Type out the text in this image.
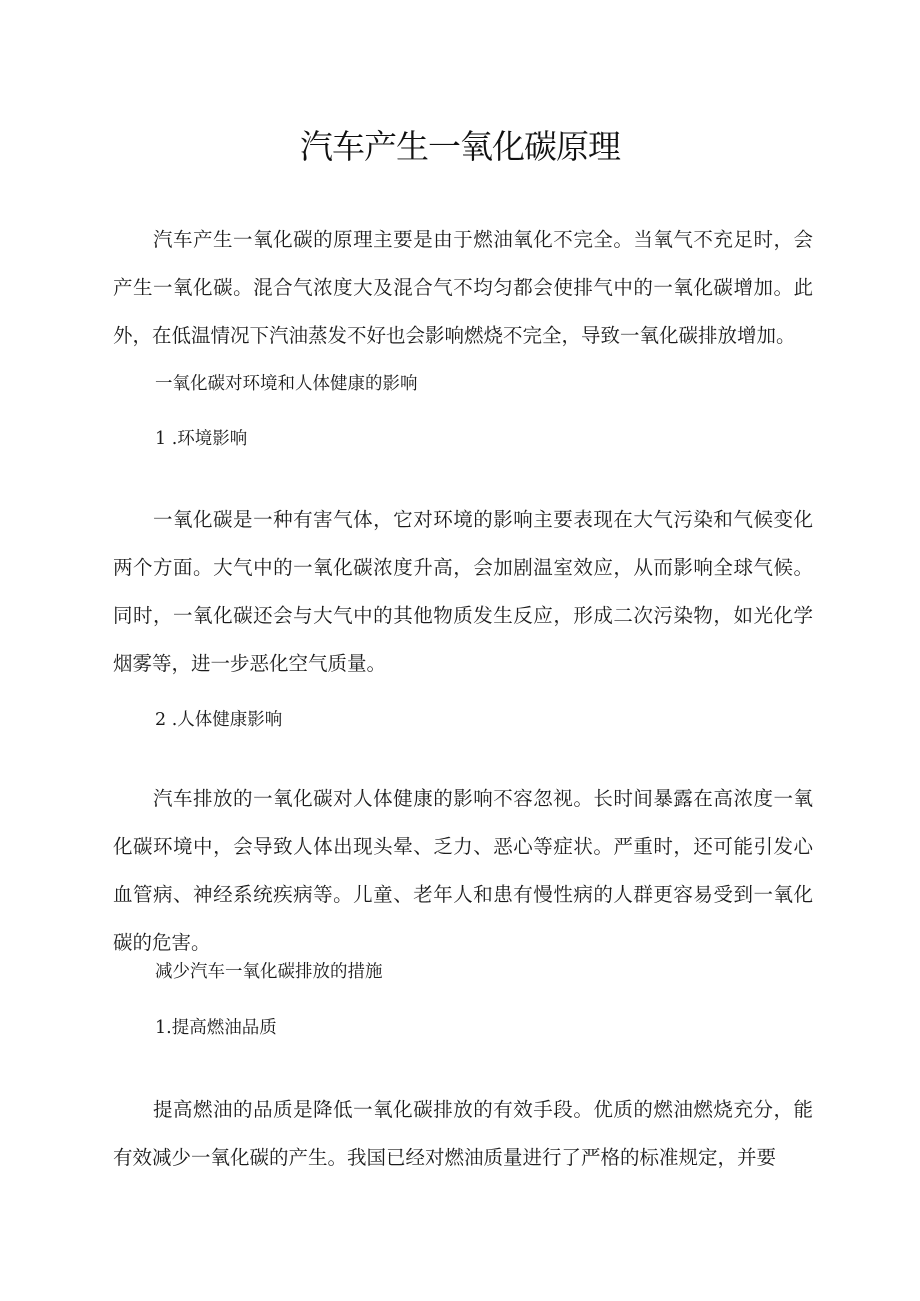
汽车产生一氧化碳原理

汽车产生一氧化碳的原理主要是由于燃油氧化不完全。当氧气不充足时，会产生一氧化碳。混合气浓度大及混合气不均匀都会使排气中的一氧化碳增加。此外，在低温情况下汽油蒸发不好也会影响燃烧不完全，导致一氧化碳排放增加。

一氧化碳对环境和人体健康的影响

1 .环境影响

一氧化碳是一种有害气体，它对环境的影响主要表现在大气污染和气候变化两个方面。大气中的一氧化碳浓度升高，会加剧温室效应，从而影响全球气候。同时，一氧化碳还会与大气中的其他物质发生反应，形成二次污染物，如光化学烟雾等，进一步恶化空气质量。

2 .人体健康影响

汽车排放的一氧化碳对人体健康的影响不容忽视。长时间暴露在高浓度一氧化碳环境中，会导致人体出现头晕、乏力、恶心等症状。严重时，还可能引发心血管病、神经系统疾病等。儿童、老年人和患有慢性病的人群更容易受到一氧化碳的危害。

减少汽车一氧化碳排放的措施

1.提高燃油品质

提高燃油的品质是降低一氧化碳排放的有效手段。优质的燃油燃烧充分，能有效减少一氧化碳的产生。我国已经对燃油质量进行了严格的标准规定，并要
